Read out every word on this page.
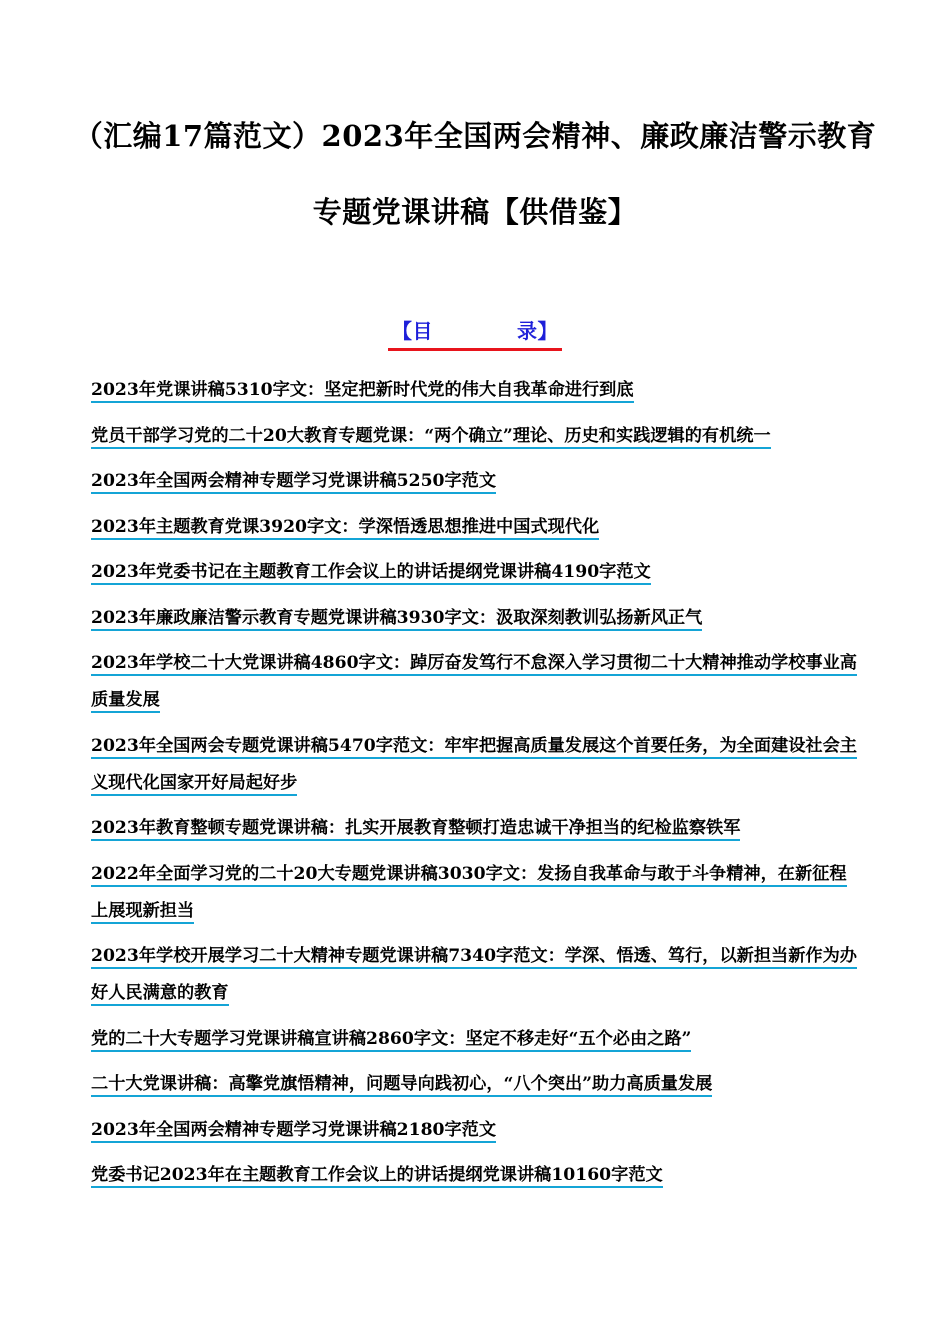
（汇编17篇范文）2023年全国两会精神、廉政廉洁警示教育
专题党课讲稿【供借鉴】
【目	录】
2023年党课讲稿5310字文：坚定把新时代党的伟大自我革命进行到底
党员干部学习党的二十20大教育专题党课：“两个确立”理论、历史和实践逻辑的有机统一
2023年全国两会精神专题学习党课讲稿5250字范文
2023年主题教育党课3920字文：学深悟透思想推进中国式现代化
2023年党委书记在主题教育工作会议上的讲话提纲党课讲稿4190字范文
2023年廉政廉洁警示教育专题党课讲稿3930字文：汲取深刻教训弘扬新风正气
2023年学校二十大党课讲稿4860字文：踔厉奋发笃行不怠深入学习贯彻二十大精神推动学校事业高质量发展
2023年全国两会专题党课讲稿5470字范文：牢牢把握高质量发展这个首要任务，为全面建设社会主义现代化国家开好局起好步
2023年教育整顿专题党课讲稿：扎实开展教育整顿打造忠诚干净担当的纪检监察铁军
2022年全面学习党的二十20大专题党课讲稿3030字文：发扬自我革命与敢于斗争精神，在新征程上展现新担当
2023年学校开展学习二十大精神专题党课讲稿7340字范文：学深、悟透、笃行，以新担当新作为办好人民满意的教育
党的二十大专题学习党课讲稿宣讲稿2860字文：坚定不移走好“五个必由之路”
二十大党课讲稿：高擎党旗悟精神，问题导向践初心，“八个突出”助力高质量发展
2023年全国两会精神专题学习党课讲稿2180字范文
党委书记2023年在主题教育工作会议上的讲话提纲党课讲稿10160字范文
